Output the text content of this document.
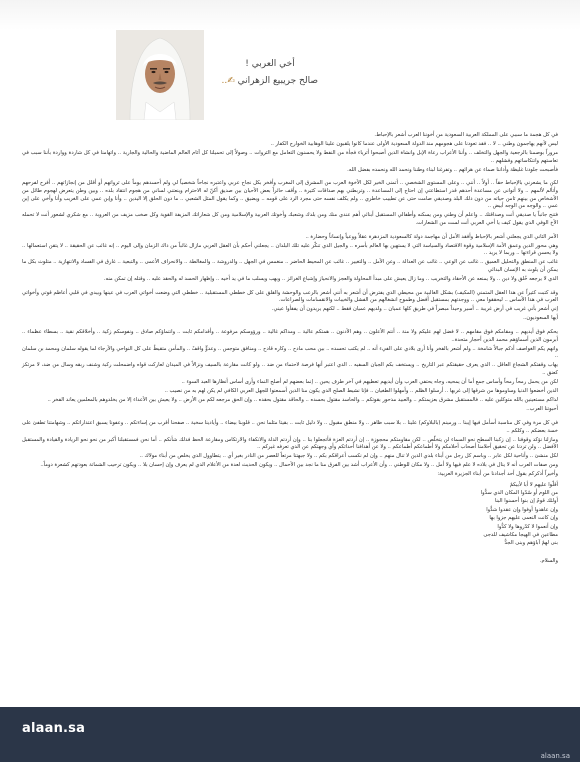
أخي العربي !
صالح جريبيع الزهراني ✍..

في كل هجمة ما سببي على المملكة العربية السعودية من أخوننا العرب أشعر بالإحباط.

ليس لأنهم يهاجمون وطني .. لا .. فقد تعودنا على هجومهم منذ الدولة السعودية الأولى عندما كانوا يلقبون علينا الوهابية الخوارج الكفار ..

مروراً بوصمنا بالرجعية والجهل والتخلف .. وأننا الأعراب رعاة الإبل وانشاة الذين أصبحوا أثرياء فجأة من النفط ولا يحسنون التعامل مع الثروات .. وصولاً إلى تحميلنا كل آثام العالم الماضية والحالية والجارية .. واتهامنا في كل شاردة وواردة بأننا سبب في تعاستهم وانتكاساتهم وفشلهم ..

فأصبحت جلودنا غليظة وأذاننا صماء عن هرائهم .. وتفرغنا لبناء وطننا ونحمد الله ونحمده بفضل الله.

لكن ما يشعرني بالإحباط حقاً .. أولاً .. أنني .. وعلى المستوى الشخصي .. أتمنى الخير لكل الأخوة العرب من المشرق إلى المغرب وأفخر بكل نجاح عربي واعتبره نجاحاً شخصياً لي ولم أحسدهم يوماً على ثرواتهم أو أقلل من إنجازاتهم .. أفرح لفرحهم وأتألم لألمهم .. ولا أتوانى عن مساعدة أحدهم قدر استطاعتي إن احتاج إلى المساعدة .. وتربطني بهم صداقات كثيرة .. وأقف حائراً بعض الأحيان بين صديق أكنّ له الاحترام وينعتني لساني من هجوم انتقاد بلده .. وبين وطن يتعرض لهجوم طائل من الأشخاص من بينهم ثامن حياته من دون ذلك البلد وصديقي صامت حتى عن تطييب خاطري .. ولم يكلف نفسه حتى مجرد الرد على قومه .. ويضيق .. وكما يقول المثل الشعبي .. ما دون الحلق إلا اليدين .. وأنا وإبن عمي على الغريب وأنا وأخي على إبن عمي .. والوجه من الوجه أبيض ..

فتنح جانباً يا صديقي أنت وصداقتك .. واعلم أن وطني ومن يسكنه وأطفالي المستقبل أبنائي أهم عندي منك ومن بلدك وشعبك وأخوتك العربية والإسلامية ومن كل شعاراتك المزيفة القوية وكل صخب مزيف من العروبة .. مع شكري لشعور أنت لا تحمله الأخ الوفي الذي يقول كيف يا أخي العربي أنت لست من الشعارات.

الأمر الثاني الذي يجعلني أشعر بالإحباط وأفقد الأمل أن مهاجمة دولة كالسعودية المزدهرة عقلاً ووعياً وإنساناً وحضارة ..

وهي محور الدين وعمق الأمة الإسلامية وقوة الاقتصاد والسياسة التي لا يستهين بها العالم بأسره .. والجيل الذي تنكّر عليه تلك البلدان .. يجعلني أحكم بأن العقل العربي مازال غائباً من ذاك الزمان وإلى اليوم .. إنه غائب عن الحقيقة .. لا يتقن استعمالها .. ولا يحسن قراءتها .. وربما لا يريد ..

غائب عن المنطق والتحليل العميق .. غائب عن الوعي .. غائب عن العدالة .. وعن الأمل .. والتغيير .. غائب عن المحيط الحاضر .. منغمس في الجهل .. والدروشة .. والمغالطة .. والانحراف الأعمى .. والتبعية .. غارق في الفساد والانتهازية .. متلوث بكل ما يمكن أن يلوث به الإنسان البدائي

الذي لا يرجعه خُلق ولا دين .. ولا يمنعه عن الأحقاد والتخريب .. وما زال يعيش على مبدأ المحاولة والعجز والانحياز وإشباع الغرائز .. ويهب ويسلب ما في يد أخيه .. وإظهار الحسد له والحقد عليه .. وقتله إن تمكن منه.

وقد كتبت كثيراً عن هذا العقل المتمني (المكيف) بشكل الغالبية من محيطي الذي يفترض أن أشعر به أنني أشعر بالرعب والوحشة والقلق على كل خططي المستقبلية .. خططي التي وضعت أخواتي العرب في عينها وبيدي في قلبي أعاظم قوتي وأخواتي العرب في هذا الأساس .. ليحققوا معي .. ووجدتهم بمستقبل أفضل وطموح انشغالهم من الفشل والخيبات والانقسامات والصراعات.

إني أشعر بأني غريب في أرض غريبة .. أسير وحيداً مبصراً في طريق كلها عميان .. ولديهم عميان فقط .. لكنهم يريدون أن يفقأوا عيني.

أيها السعوديون..

يحكم فوق أيديهم .. ومقامكم فوق مقامهم .. لا فضل لهم عليكم ولا منة .. أنتم الأعلون .. وهم الأدنون .. همتكم عالية .. ومداكم غالية .. ورؤوسكم مرفوعة .. وأقدامكم ثابت .. وانتماؤكم صادق .. ونفوسكم زكية .. وأخلاقكم نقية .. بسطاء عظماء .. أبرمون الذين أسماؤهم محمد الدين أحجار متحدة..

وانهم يكم الغواصف أذكم جبالاً شامخة .. ولم أشعر بالفخر وأنا أرى بلادي على الفيء أنه .. لم يكتب تحسده .. بين محب مادح .. وكاره قادح .. ومنافق متوجس .. وعدوٍّ واقفٌ .. والمأمن متقيظٌ على كل النواحي والأرجاء لما يقوله سلمان ومحمد بن سلمان ..

يهاب وقفتكم الشجاع العاقل .. الذي يعرف حقيقتكم عبر التاريخ .. ويستخف بكم الجبان السفيه .. الذي اعتبر أنها فرصة لاحتماء من ضد .. ولو كانت مقارعة بالسيف ونزالاً في الميدان لعاركت قواه واضمحلت ركبة وشنف ربقه وسال من ضد، لا مرتكز كعنق ..

لكن من يحمل رمحاً رمحاً وأساس جمع أما أن يمحيه، وجاه يحتفي العرب وأن أيديهم تعطيهم في آخر طرف يحين .. إنما بعضهم لم أصلح النماء وأرى أساس أنظارها العبد السوء ..

الذين أخضعوا الدنيا وساوموها من شرقها إلى غربها .. أرسلوا الظلم .. وأمهلوا الطغيان .. فإنا نشيط الصلح الذي يكون منا الذين أسمعنوا للجهل العربي الكافي لم يكن لهم به من نصيب ..

لذاكم مستعينين بالله متوكلين عليه .. فالمستقبل مشرق بعزيمتكم .. والعبيد مذحور بقوتكم .. والحاسد مقتول بحسده .. والحاقد مقتول بحقده .. وإن الحق مرجعه لكم من الأرض .. ولا يعيش بين الأعداء إلا من يخلدوهم بالمعلمين يعاند الفخر ..

أحبوتنا العرب..

في كل مرة وفي كل مناسبة أسأمل فيها إيبنا .. ورمينم (بالبلاوكم) علينا .. بلا سبب ظاهر .. ولا منطق مقبول .. ولا دليل ثابت .. بقيتا مثلما نحن .. قلوبنا بيضاء .. وأيادينا سخية .. صفحنا أقرب من إساءتكم .. وعفونا يسبق اعتذاراتكم .. وشهامتنا تطفئ على خسة بعضكم .. وكلكم ..

ومازلنا نؤكد وقوفنا .. إن زكبنا السطح نحو السماء لن يتخلّص .. لكن مقاومتكم محجوزة .. إن أردتم العزة فأتجعلوا بنا .. وإن أردتم الذلة والانكفاء والارتكاس ومقارعة الحظ فذلك شأنكم .. أما نحن فمستقبلنا أكبر من نحو نحو الريادة والقيادة والمستقبل الأفضل .. ولن تردنا عن تحقيق أحلامنا أصحاب أحلامكم ولا أطماعكم أطماعكم .. ولا عن أهدافنا أحداثكم وأي وجهتكم عن الذي تعرفه غيركم ..

لكل منشئ .. وأناحية لكل عابر .. وباسم كل رجل من أبناء بلدي الذين لا تنال منهم .. وإن لم نكسب أعراقكم بكم .. ولا جبهتنا مرتعاً للعصر من النادر بغير أي .. يتطاوول الذي يخلص من أبناء مولاك ..

ومن صفات العرب أنه لا ينال في بلاده لا علم فيها ولا أمل .. ولا مكان للوطني .. وأن الأعراب أشد بين الفرق منا ما نجد بين الأحمال .. ويكون الحديث لعدة من الأعلام الذي لم يعرف وإن إحسان بلا .. ويكون ترحيب الشماتة بعودتهم كشعرة دوماً..

وأخيراً أذكركم بقول أحد أجدادنا من أبناء الجزيرة العربية:

أقلّوا عليهم لا أبا لأبيكمُ
من اللوم أو سُدّوا المكان الذي سدُّوا
أولئك قومٌ إن بنوا أحسنوا البنا
وإن عاهدوا أوفوا وإن عقدوا شدُّوا
وإن كانت النعمى عليهم جزوا بها
وإن أنعموا لا كدّروها ولا كدُّوا
مطاعين في الهيجا مكاشيف للدجى
بنى لهمُ آباؤهم وبنى الجدُّ

والسلام.

alaan.sa
alaan.sa
